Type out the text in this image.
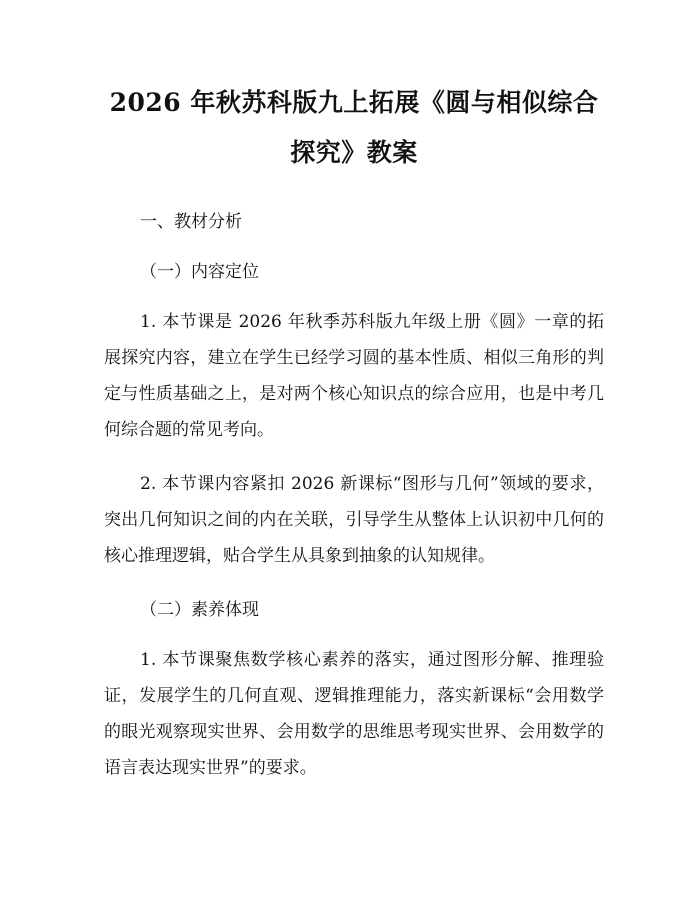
2026 年秋苏科版九上拓展《圆与相似综合探究》教案

一、教材分析

（一）内容定位

1. 本节课是 2026 年秋季苏科版九年级上册《圆》一章的拓展探究内容，建立在学生已经学习圆的基本性质、相似三角形的判定与性质基础之上，是对两个核心知识点的综合应用，也是中考几何综合题的常见考向。

2. 本节课内容紧扣 2026 新课标“图形与几何”领域的要求，突出几何知识之间的内在关联，引导学生从整体上认识初中几何的核心推理逻辑，贴合学生从具象到抽象的认知规律。

（二）素养体现

1. 本节课聚焦数学核心素养的落实，通过图形分解、推理验证，发展学生的几何直观、逻辑推理能力，落实新课标“会用数学的眼光观察现实世界、会用数学的思维思考现实世界、会用数学的语言表达现实世界”的要求。
